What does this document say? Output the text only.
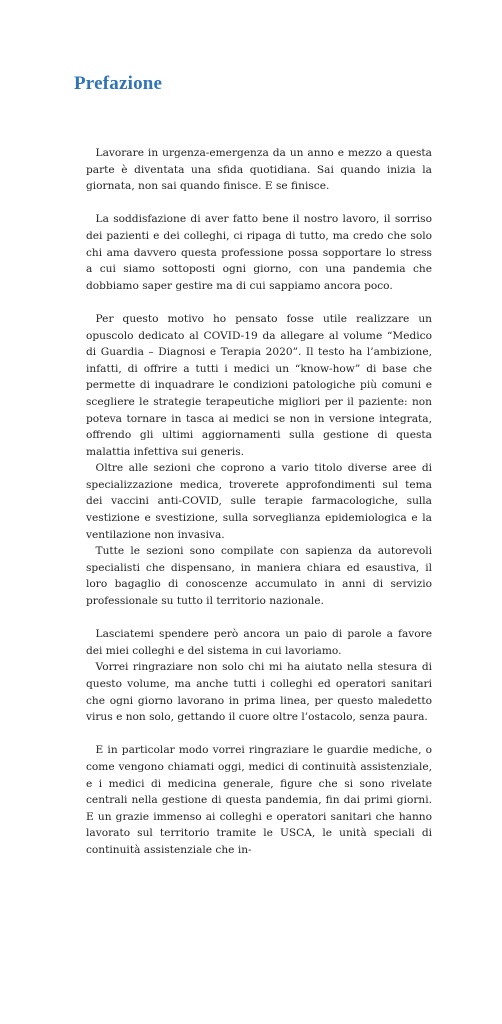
Prefazione

Lavorare in urgenza-emergenza da un anno e mezzo a questa parte è diventata una sfida quotidiana. Sai quando inizia la giornata, non sai quando finisce. E se finisce.

La soddisfazione di aver fatto bene il nostro lavoro, il sorriso dei pazienti e dei colleghi, ci ripaga di tutto, ma credo che solo chi ama davvero questa professione possa sopportare lo stress a cui siamo sottoposti ogni giorno, con una pandemia che dobbiamo saper gestire ma di cui sappiamo ancora poco.

Per questo motivo ho pensato fosse utile realizzare un opuscolo dedicato al COVID-19 da allegare al volume “Medico di Guardia – Diagnosi e Terapia 2020”. Il testo ha l’ambizione, infatti, di offrire a tutti i medici un “know-how” di base che permette di inquadrare le condizioni patologiche più comuni e scegliere le strategie terapeutiche migliori per il paziente: non poteva tornare in tasca ai medici se non in versione integrata, offrendo gli ultimi aggiornamenti sulla gestione di questa malattia infettiva sui generis.

Oltre alle sezioni che coprono a vario titolo diverse aree di specializzazione medica, troverete approfondimenti sul tema dei vaccini anti-COVID, sulle terapie farmacologiche, sulla vestizione e svestizione, sulla sorveglianza epidemiologica e la ventilazione non invasiva.

Tutte le sezioni sono compilate con sapienza da autorevoli specialisti che dispensano, in maniera chiara ed esaustiva, il loro bagaglio di conoscenze accumulato in anni di servizio professionale su tutto il territorio nazionale.

Lasciatemi spendere però ancora un paio di parole a favore dei miei colleghi e del sistema in cui lavoriamo.

Vorrei ringraziare non solo chi mi ha aiutato nella stesura di questo volume, ma anche tutti i colleghi ed operatori sanitari che ogni giorno lavorano in prima linea, per questo maledetto virus e non solo, gettando il cuore oltre l’ostacolo, senza paura.

E in particolar modo vorrei ringraziare le guardie mediche, o come vengono chiamati oggi, medici di continuità assistenziale, e i medici di medicina generale, figure che si sono rivelate centrali nella gestione di questa pandemia, fin dai primi giorni. E un grazie immenso ai colleghi e operatori sanitari che hanno lavorato sul territorio tramite le USCA, le unità speciali di continuità assistenziale che in-
